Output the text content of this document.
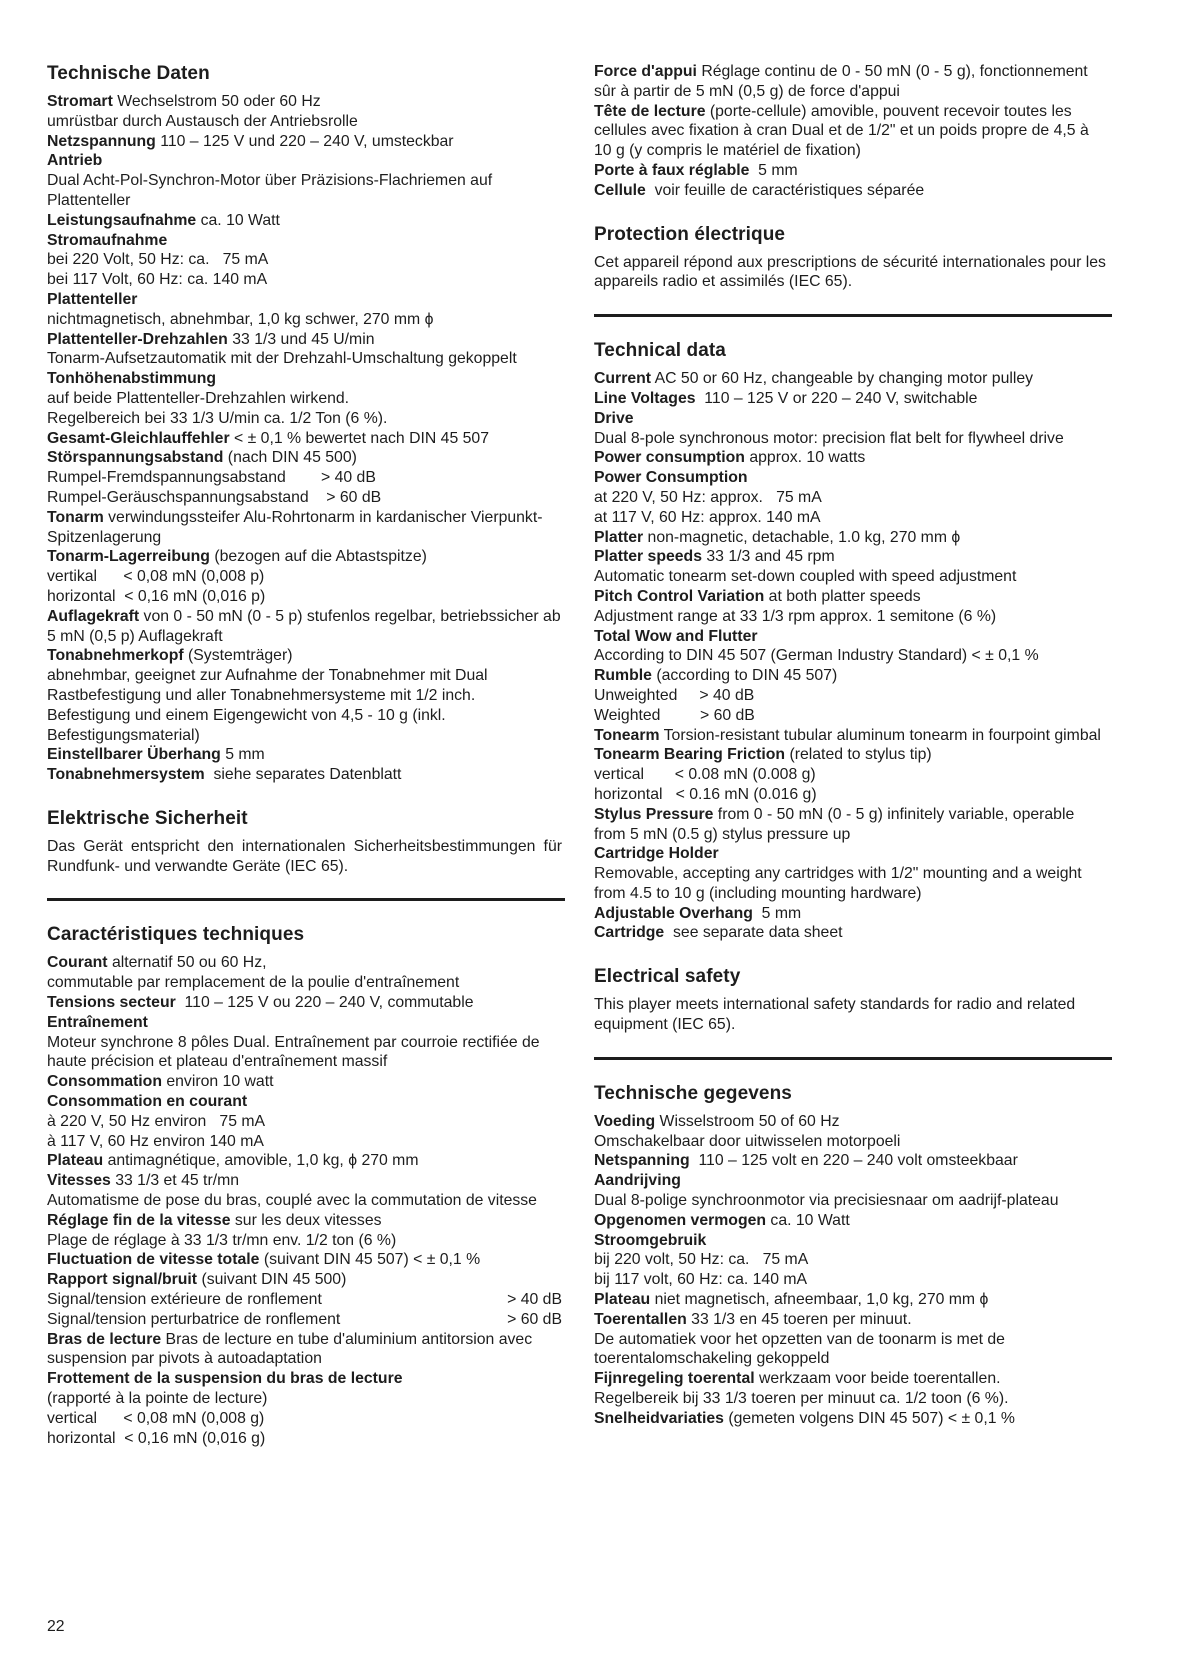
Technische Daten
Stromart Wechselstrom 50 oder 60 Hz
umrüstbar durch Austausch der Antriebsrolle
Netzspannung 110 – 125 V und 220 – 240 V, umsteckbar
Antrieb
Dual Acht-Pol-Synchron-Motor über Präzisions-Flachriemen auf Plattenteller
Leistungsaufnahme ca. 10 Watt
Stromaufnahme
bei 220 Volt, 50 Hz: ca.   75 mA
bei 117 Volt, 60 Hz: ca. 140 mA
Plattenteller
nichtmagnetisch, abnehmbar, 1,0 kg schwer, 270 mm ϕ
Plattenteller-Drehzahlen 33 1/3 und 45 U/min
Tonarm-Aufsetzautomatik mit der Drehzahl-Umschaltung gekoppelt
Tonhöhenabstimmung
auf beide Plattenteller-Drehzahlen wirkend.
Regelbereich bei 33 1/3 U/min ca. 1/2 Ton (6 %).
Gesamt-Gleichlauffehler < ± 0,1 % bewertet nach DIN 45 507
Störspannungsabstand (nach DIN 45 500)
Rumpel-Fremdspannungsabstand        > 40 dB
Rumpel-Geräuschspannungsabstand    > 60 dB
Tonarm verwindungssteifer Alu-Rohrtonarm in kardanischer Vierpunkt-Spitzenlagerung
Tonarm-Lagerreibung (bezogen auf die Abtastspitze)
vertikal      < 0,08 mN (0,008 p)
horizontal  < 0,16 mN (0,016 p)
Auflagekraft von 0 - 50 mN (0 - 5 p) stufenlos regelbar, betriebssicher ab 5 mN (0,5 p) Auflagekraft
Tonabnehmerkopf (Systemträger)
abnehmbar, geeignet zur Aufnahme der Tonabnehmer mit Dual Rastbefestigung und aller Tonabnehmersysteme mit 1/2 inch. Befestigung und einem Eigengewicht von 4,5 - 10 g (inkl. Befestigungsmaterial)
Einstellbarer Überhang 5 mm
Tonabnehmersystem  siehe separates Datenblatt
Elektrische Sicherheit
Das Gerät entspricht den internationalen Sicherheitsbestimmungen für Rundfunk- und verwandte Geräte (IEC 65).
Caractéristiques techniques
Courant alternatif 50 ou 60 Hz,
commutable par remplacement de la poulie d'entraînement
Tensions secteur  110 – 125 V ou 220 – 240 V, commutable
Entraînement
Moteur synchrone 8 pôles Dual. Entraînement par courroie rectifiée de haute précision et plateau d'entraînement massif
Consommation environ 10 watt
Consommation en courant
à 220 V, 50 Hz environ   75 mA
à 117 V, 60 Hz environ 140 mA
Plateau antimagnétique, amovible, 1,0 kg, ϕ 270 mm
Vitesses 33 1/3 et 45 tr/mn
Automatisme de pose du bras, couplé avec la commutation de vitesse
Réglage fin de la vitesse sur les deux vitesses
Plage de réglage à 33 1/3 tr/mn env. 1/2 ton (6 %)
Fluctuation de vitesse totale (suivant DIN 45 507) < ± 0,1 %
Rapport signal/bruit (suivant DIN 45 500)
Signal/tension extérieure de ronflement	> 40 dB
Signal/tension perturbatrice de ronflement	> 60 dB
Bras de lecture Bras de lecture en tube d'aluminium antitorsion avec suspension par pivots à autoadaptation
Frottement de la suspension du bras de lecture
(rapporté à la pointe de lecture)
vertical      < 0,08 mN (0,008 g)
horizontal  < 0,16 mN (0,016 g)
Force d'appui Réglage continu de 0 - 50 mN (0 - 5 g), fonctionnement sûr à partir de 5 mN (0,5 g) de force d'appui
Tête de lecture (porte-cellule) amovible, pouvent recevoir toutes les cellules avec fixation à cran Dual et de 1/2" et un poids propre de 4,5 à 10 g (y compris le matériel de fixation)
Porte à faux réglable  5 mm
Cellule  voir feuille de caractéristiques séparée
Protection électrique
Cet appareil répond aux prescriptions de sécurité internationales pour les appareils radio et assimilés (IEC 65).
Technical data
Current AC 50 or 60 Hz, changeable by changing motor pulley
Line Voltages  110 – 125 V or 220 – 240 V, switchable
Drive
Dual 8-pole synchronous motor: precision flat belt for flywheel drive
Power consumption approx. 10 watts
Power Consumption
at 220 V, 50 Hz: approx.   75 mA
at 117 V, 60 Hz: approx. 140 mA
Platter non-magnetic, detachable, 1.0 kg, 270 mm ϕ
Platter speeds 33 1/3 and 45 rpm
Automatic tonearm set-down coupled with speed adjustment
Pitch Control Variation at both platter speeds
Adjustment range at 33 1/3 rpm approx. 1 semitone (6 %)
Total Wow and Flutter
According to DIN 45 507 (German Industry Standard) < ± 0,1 %
Rumble (according to DIN 45 507)
Unweighted     > 40 dB
Weighted         > 60 dB
Tonearm Torsion-resistant tubular aluminum tonearm in fourpoint gimbal
Tonearm Bearing Friction (related to stylus tip)
vertical       < 0.08 mN (0.008 g)
horizontal   < 0.16 mN (0.016 g)
Stylus Pressure from 0 - 50 mN (0 - 5 g) infinitely variable, operable from 5 mN (0.5 g) stylus pressure up
Cartridge Holder
Removable, accepting any cartridges with 1/2" mounting and a weight from 4.5 to 10 g (including mounting hardware)
Adjustable Overhang  5 mm
Cartridge  see separate data sheet
Electrical safety
This player meets international safety standards for radio and related equipment (IEC 65).
Technische gegevens
Voeding Wisselstroom 50 of 60 Hz
Omschakelbaar door uitwisselen motorpoeli
Netspanning  110 – 125 volt en 220 – 240 volt omsteekbaar
Aandrijving
Dual 8-polige synchroonmotor via precisiesnaar om aadrijf-plateau
Opgenomen vermogen ca. 10 Watt
Stroomgebruik
bij 220 volt, 50 Hz: ca.   75 mA
bij 117 volt, 60 Hz: ca. 140 mA
Plateau niet magnetisch, afneembaar, 1,0 kg, 270 mm ϕ
Toerentallen 33 1/3 en 45 toeren per minuut.
De automatiek voor het opzetten van de toonarm is met de toerentalomschakeling gekoppeld
Fijnregeling toerental werkzaam voor beide toerentallen.
Regelbereik bij 33 1/3 toeren per minuut ca. 1/2 toon (6 %).
Snelheidvariaties (gemeten volgens DIN 45 507) < ± 0,1 %
22
